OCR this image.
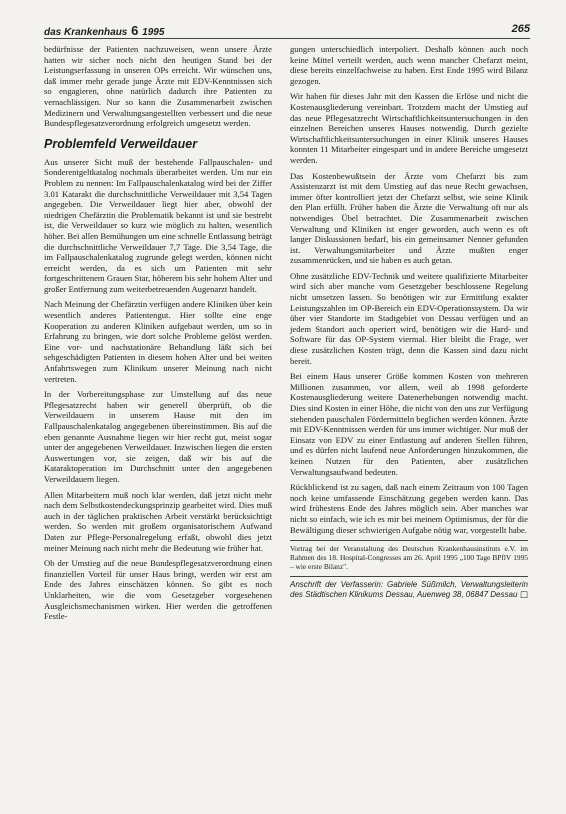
das Krankenhaus 6 1995	265

bedürfnisse der Patienten nachzuweisen, wenn unsere Ärzte hatten wir sicher noch nicht den heutigen Stand bei der Leistungserfassung in unseren OPs erreicht. Wir wünschen uns, daß immer mehr gerade junge Ärzte mit EDV-Kenntnissen sich so engagieren, ohne natürlich dadurch ihre Patienten zu vernachlässigen. Nur so kann die Zusammenarbeit zwischen Medizinern und Verwaltungsangestellten verbessert und die neue Bundespflegesatzverordnung erfolgreich umgesetzt werden.

Problemfeld Verweildauer

Aus unserer Sicht muß der bestehende Fallpauschalen- und Sonderentgeltkatalog nochmals überarbeitet werden. Um nur ein Problem zu nennen: Im Fallpauschalenkatalog wird bei der Ziffer 3.01 Katarakt die durchschnittliche Verweildauer mit 3,54 Tagen angegeben. Die Verweildauer liegt hier aber, obwohl der niedrigen Chefärztin die Problematik bekannt ist und sie bestrebt ist, die Verweildauer so kurz wie möglich zu halten, wesentlich höher. Bei allen Bemühungen um eine schnelle Entlassung beträgt die durchschnittliche Verweildauer 7,7 Tage. Die 3,54 Tage, die im Fallpauschalenkatalog zugrunde gelegt werden, können nicht erreicht werden, da es sich um Patienten mit sehr fortgeschrittenem Grauen Star, höherem bis sehr hohem Alter und großer Entfernung zum weiterbetreuenden Augenarzt handelt.

Nach Meinung der Chefärztin verfügen andere Kliniken über kein wesentlich anderes Patientengut. Hier sollte eine enge Kooperation zu anderen Kliniken aufgebaut werden, um so in Erfahrung zu bringen, wie dort solche Probleme gelöst werden. Eine vor- und nachstationäre Behandlung läßt sich bei sehgeschädigten Patienten in diesem hohen Alter und bei weiten Anfahrtswegen zum Klinikum unserer Meinung nach nicht vertreten.

In der Vorbereitungsphase zur Umstellung auf das neue Pflegesatzrecht haben wir generell überprüft, ob die Verweildauern in unserem Hause mit den im Fallpauschalenkatalog angegebenen übereinstimmen. Bis auf die eben genannte Ausnahme liegen wir hier recht gut, meist sogar unter der angegebenen Verweildauer. Inzwischen liegen die ersten Auswertungen vor, sie zeigen, daß wir bis auf die Kataraktoperation im Durchschnitt unter den angegebenen Verweildauern liegen.

Allen Mitarbeitern muß noch klar werden, daß jetzt nicht mehr nach dem Selbstkostendeckungsprinzip gearbeitet wird. Dies muß auch in der täglichen praktischen Arbeit verstärkt berücksichtigt werden. So werden mit großem organisatorischem Aufwand Daten zur Pflege-Personalregelung erfaßt, obwohl dies jetzt meiner Meinung nach nicht mehr die Bedeutung wie früher hat.

Ob der Umstieg auf die neue Bundespflegesatzverordnung einen finanziellen Vorteil für unser Haus bringt, werden wir erst am Ende des Jahres einschätzen können. So gibt es noch Unklarheiten, wie die vom Gesetzgeber vorgesehenen Ausgleichsmechanismen wirken. Hier werden die getroffenen Festle-

gungen unterschiedlich interpoliert. Deshalb können auch noch keine Mittel verteilt werden, auch wenn mancher Chefarzt meint, diese bereits einzelfachweise zu haben. Erst Ende 1995 wird Bilanz gezogen.

Wir haben für dieses Jahr mit den Kassen die Erlöse und nicht die Kostenausgliederung vereinbart. Trotzdem macht der Umstieg auf das neue Pflegesatzrecht Wirtschaftlichkeitsuntersuchungen in den einzelnen Bereichen unseres Hauses notwendig. Durch gezielte Wirtschaftlichkeitsuntersuchungen in einer Klinik unseres Hauses konnten 11 Mitarbeiter eingespart und in andere Bereiche umgesetzt werden.

Das Kostenbewußtsein der Ärzte vom Chefarzt bis zum Assistenzarzt ist mit dem Umstieg auf das neue Recht gewachsen, immer öfter kontrolliert jetzt der Chefarzt selbst, wie seine Klinik den Plan erfüllt. Früher haben die Ärzte die Verwaltung oft nur als notwendiges Übel betrachtet. Die Zusammenarbeit zwischen Verwaltung und Kliniken ist enger geworden, auch wenn es oft langer Diskussionen bedarf, bis ein gemeinsamer Nenner gefunden ist. Verwaltungsmitarbeiter und Ärzte mußten enger zusammenrücken, und sie haben es auch getan.

Ohne zusätzliche EDV-Technik und weitere qualifizierte Mitarbeiter wird sich aber manche vom Gesetzgeber beschlossene Regelung nicht umsetzen lassen. So benötigen wir zur Ermittlung exakter Leistungszahlen im OP-Bereich ein EDV-Operationssystem. Da wir über vier Standorte im Stadtgebiet von Dessau verfügen und an jedem Standort auch operiert wird, benötigen wir die Hard- und Software für das OP-System viermal. Hier bleibt die Frage, wer diese zusätzlichen Kosten trägt, denn die Kassen sind dazu nicht bereit.

Bei einem Haus unserer Größe kommen Kosten von mehreren Millionen zusammen, vor allem, weil ab 1998 geforderte Kostenausgliederung weitere Datenerhebungen notwendig macht. Dies sind Kosten in einer Höhe, die nicht von den uns zur Verfügung stehenden pauschalen Fördermitteln beglichen werden können. Ärzte mit EDV-Kenntnissen werden für uns immer wichtiger. Nur muß der Einsatz von EDV zu einer Entlastung auf anderen Stellen führen, und es dürfen nicht laufend neue Anforderungen hinzukommen, die keinen Nutzen für den Patienten, aber zusätzlichen Verwaltungsaufwand bedeuten.

Rückblickend ist zu sagen, daß nach einem Zeitraum von 100 Tagen noch keine umfassende Einschätzung gegeben werden kann. Das wird frühestens Ende des Jahres möglich sein. Aber manches war nicht so einfach, wie ich es mir bei meinem Optimismus, der für die Bewältigung dieser schwierigen Aufgabe nötig war, vorgestellt habe.

Vortrag bei der Veranstaltung des Deutschen Krankenhausinstituts e.V. im Rahmen des 18. Hospital-Congresses am 26. April 1995 „100 Tage BPflV 1995 – wie erste Bilanz".
Anschrift der Verfasserin: Gabriele Süßmilch, Verwaltungsleiterin des Städtischen Klinikums Dessau, Auenweg 38, 06847 Dessau ☐
